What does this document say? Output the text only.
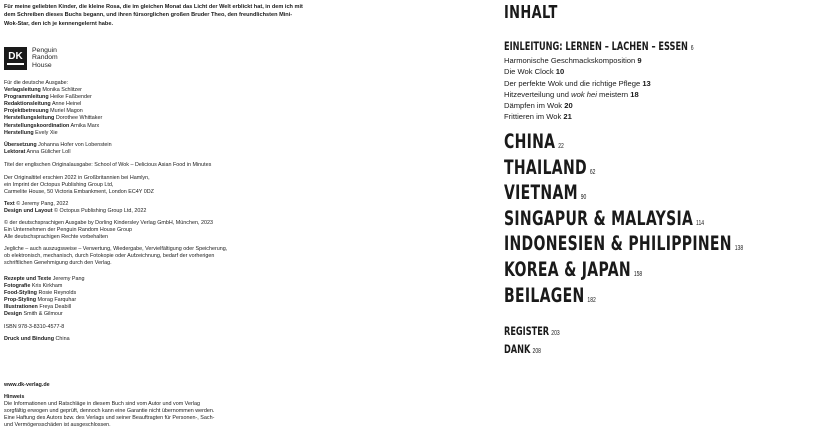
Für meine geliebten Kinder, die kleine Rosa, die im gleichen Monat das Licht der Welt erblickt hat, in dem ich mit dem Schreiben dieses Buchs begann, und ihren fürsorglichen großen Bruder Theo, den freundlichsten Mini-Wok-Star, den ich je kennengelernt habe.

DK
Penguin
Random
House
Für die deutsche Ausgabe:
Verlagsleitung Monika Schlitzer
Programmleitung Heike Faßbender
Redaktionsleitung Anne Heinel
Projektbetreuung Muriel Magon
Herstellungsleitung Dorothee Whittaker
Herstellungskoordination Arnika Marx
Herstellung Evely Xie
Übersetzung Johanna Hofer von Lobenstein
Lektorat Anna Gülicher Loll
Titel der englischen Originalausgabe: School of Wok – Delicious Asian Food in Minutes
Der Originaltitel erschien 2022 in Großbritannien bei Hamlyn,
ein Imprint der Octopus Publishing Group Ltd,
Carmelite House, 50 Victoria Embankment, London EC4Y 0DZ
Text © Jeremy Pang, 2022
Design und Layout © Octopus Publishing Group Ltd, 2022
© der deutschsprachigen Ausgabe by Dorling Kindersley Verlag GmbH, München, 2023
Ein Unternehmen der Penguin Random House Group
Alle deutschsprachigen Rechte vorbehalten
Jegliche – auch auszugsweise – Verwertung, Wiedergabe, Vervielfältigung oder Speicherung,
ob elektronisch, mechanisch, durch Fotokopie oder Aufzeichnung, bedarf der vorherigen
schriftlichen Genehmigung durch den Verlag.
Rezepte und Texte Jeremy Pang
Fotografie Kris Kirkham
Food-Styling Rosie Reynolds
Prop-Styling Morag Farquhar
Illustrationen Freya Deabill
Design Smith & Gilmour
ISBN 978-3-8310-4577-8
Druck und Bindung China
www.dk-verlag.de
Hinweis
Die Informationen und Ratschläge in diesem Buch sind vom Autor und vom Verlag
sorgfältig erwogen und geprüft, dennoch kann eine Garantie nicht übernommen werden.
Eine Haftung des Autors bzw. des Verlags und seiner Beauftragten für Personen-, Sach-
und Vermögensschäden ist ausgeschlossen.
INHALT
EINLEITUNG: LERNEN – LACHEN – ESSEN 6
Harmonische Geschmackskomposition 9
Die Wok Clock 10
Der perfekte Wok und die richtige Pflege 13
Hitzeverteilung und wok hei meistern 18
Dämpfen im Wok 20
Frittieren im Wok 21
CHINA 22
THAILAND 62
VIETNAM 90
SINGAPUR & MALAYSIA 114
INDONESIEN & PHILIPPINEN 138
KOREA & JAPAN 158
BEILAGEN 182
REGISTER 203
DANK 208
